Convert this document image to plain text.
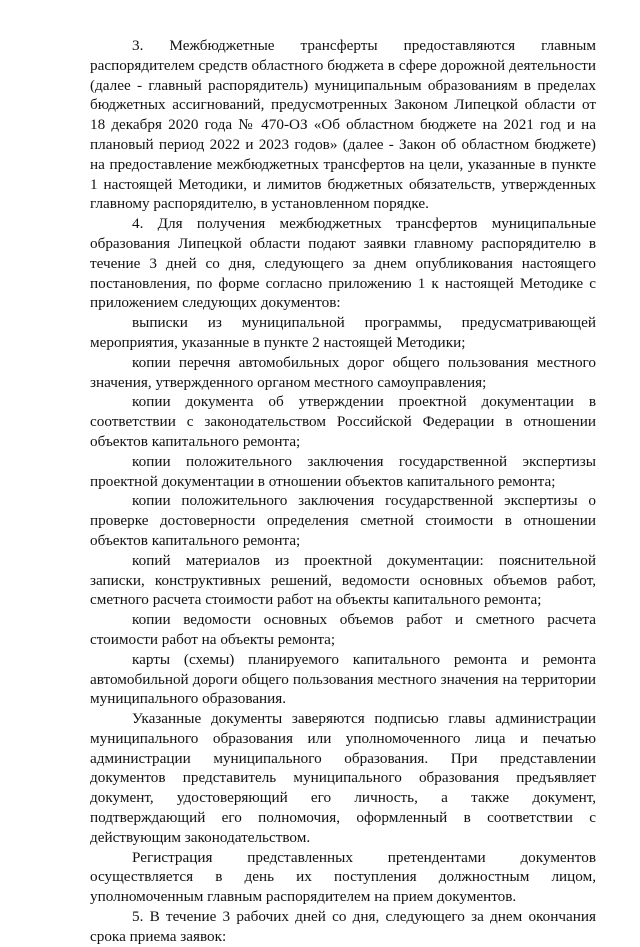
3. Межбюджетные трансферты предоставляются главным распорядителем средств областного бюджета в сфере дорожной деятельности (далее - главный распорядитель) муниципальным образованиям в пределах бюджетных ассигнований, предусмотренных Законом Липецкой области от 18 декабря 2020 года № 470-ОЗ «Об областном бюджете на 2021 год и на плановый период 2022 и 2023 годов» (далее - Закон об областном бюджете) на предоставление межбюджетных трансфертов на цели, указанные в пункте 1 настоящей Методики, и лимитов бюджетных обязательств, утвержденных главному распорядителю, в установленном порядке.

4. Для получения межбюджетных трансфертов муниципальные образования Липецкой области подают заявки главному распорядителю в течение 3 дней со дня, следующего за днем опубликования настоящего постановления, по форме согласно приложению 1 к настоящей Методике с приложением следующих документов:

выписки из муниципальной программы, предусматривающей мероприятия, указанные в пункте 2 настоящей Методики;

копии перечня автомобильных дорог общего пользования местного значения, утвержденного органом местного самоуправления;

копии документа об утверждении проектной документации в соответствии с законодательством Российской Федерации в отношении объектов капитального ремонта;

копии положительного заключения государственной экспертизы проектной документации в отношении объектов капитального ремонта;

копии положительного заключения государственной экспертизы о проверке достоверности определения сметной стоимости в отношении объектов капитального ремонта;

копий материалов из проектной документации: пояснительной записки, конструктивных решений, ведомости основных объемов работ, сметного расчета стоимости работ на объекты капитального ремонта;

копии ведомости основных объемов работ и сметного расчета стоимости работ на объекты ремонта;

карты (схемы) планируемого капитального ремонта и ремонта автомобильной дороги общего пользования местного значения на территории муниципального образования.

Указанные документы заверяются подписью главы администрации муниципального образования или уполномоченного лица и печатью администрации муниципального образования. При представлении документов представитель муниципального образования предъявляет документ, удостоверяющий его личность, а также документ, подтверждающий его полномочия, оформленный в соответствии с действующим законодательством.

Регистрация представленных претендентами документов осуществляется в день их поступления должностным лицом, уполномоченным главным распорядителем на прием документов.

5. В течение 3 рабочих дней со дня, следующего за днем окончания срока приема заявок:
